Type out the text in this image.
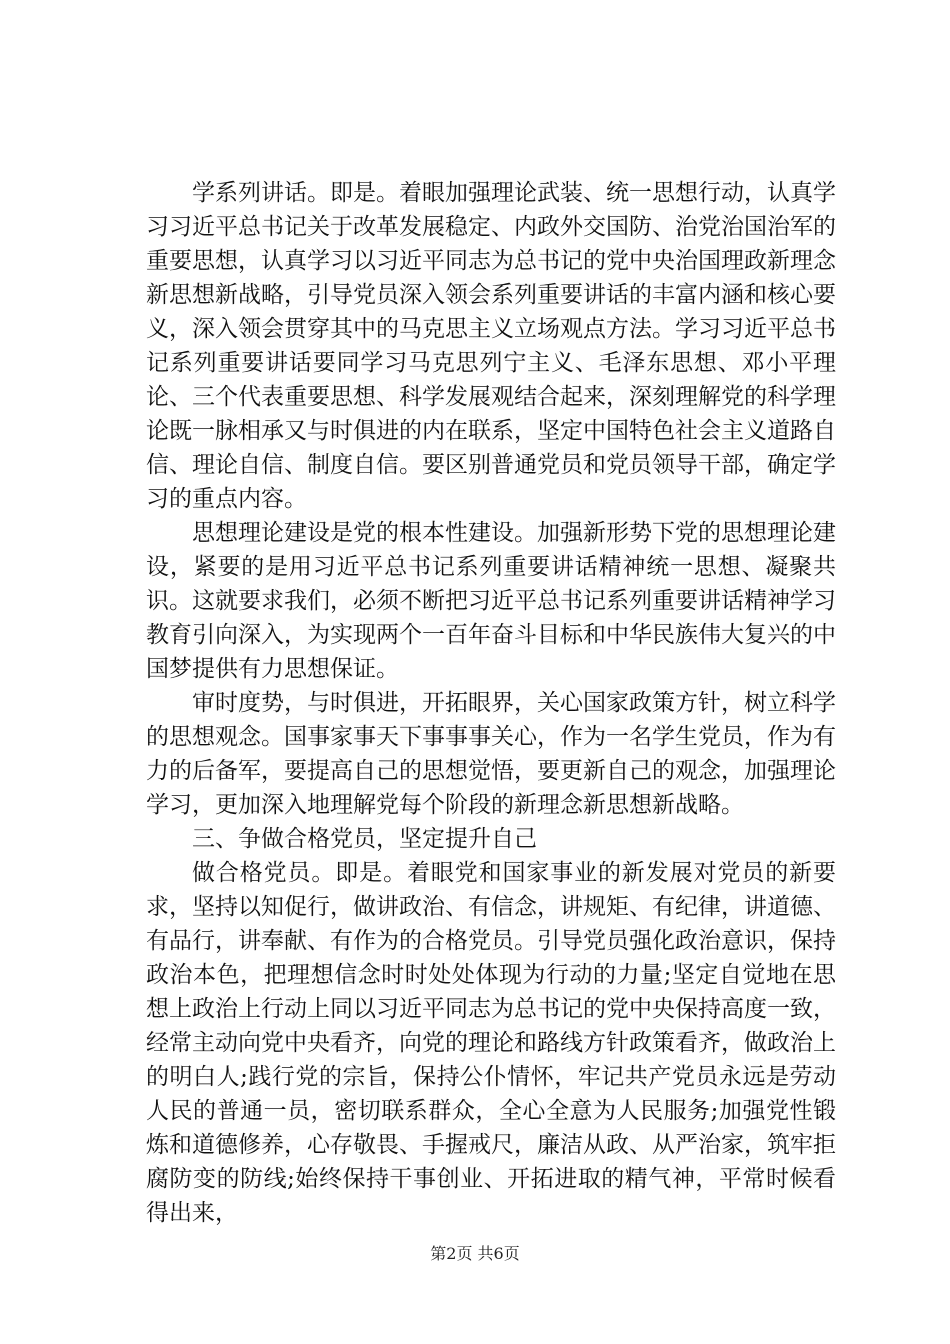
学系列讲话。即是。着眼加强理论武装、统一思想行动，认真学习习近平总书记关于改革发展稳定、内政外交国防、治党治国治军的重要思想，认真学习以习近平同志为总书记的党中央治国理政新理念新思想新战略，引导党员深入领会系列重要讲话的丰富内涵和核心要义，深入领会贯穿其中的马克思主义立场观点方法。学习习近平总书记系列重要讲话要同学习马克思列宁主义、毛泽东思想、邓小平理论、三个代表重要思想、科学发展观结合起来，深刻理解党的科学理论既一脉相承又与时俱进的内在联系，坚定中国特色社会主义道路自信、理论自信、制度自信。要区别普通党员和党员领导干部，确定学习的重点内容。

思想理论建设是党的根本性建设。加强新形势下党的思想理论建设，紧要的是用习近平总书记系列重要讲话精神统一思想、凝聚共识。这就要求我们，必须不断把习近平总书记系列重要讲话精神学习教育引向深入，为实现两个一百年奋斗目标和中华民族伟大复兴的中国梦提供有力思想保证。

审时度势，与时俱进，开拓眼界，关心国家政策方针，树立科学的思想观念。国事家事天下事事事关心，作为一名学生党员，作为有力的后备军，要提高自己的思想觉悟，要更新自己的观念，加强理论学习，更加深入地理解党每个阶段的新理念新思想新战略。

三、争做合格党员，坚定提升自己

做合格党员。即是。着眼党和国家事业的新发展对党员的新要求，坚持以知促行，做讲政治、有信念，讲规矩、有纪律，讲道德、有品行，讲奉献、有作为的合格党员。引导党员强化政治意识，保持政治本色，把理想信念时时处处体现为行动的力量;坚定自觉地在思想上政治上行动上同以习近平同志为总书记的党中央保持高度一致，经常主动向党中央看齐，向党的理论和路线方针政策看齐，做政治上的明白人;践行党的宗旨，保持公仆情怀，牢记共产党员永远是劳动人民的普通一员，密切联系群众，全心全意为人民服务;加强党性锻炼和道德修养，心存敬畏、手握戒尺，廉洁从政、从严治家，筑牢拒腐防变的防线;始终保持干事创业、开拓进取的精气神，平常时候看得出来，

第2页 共6页
